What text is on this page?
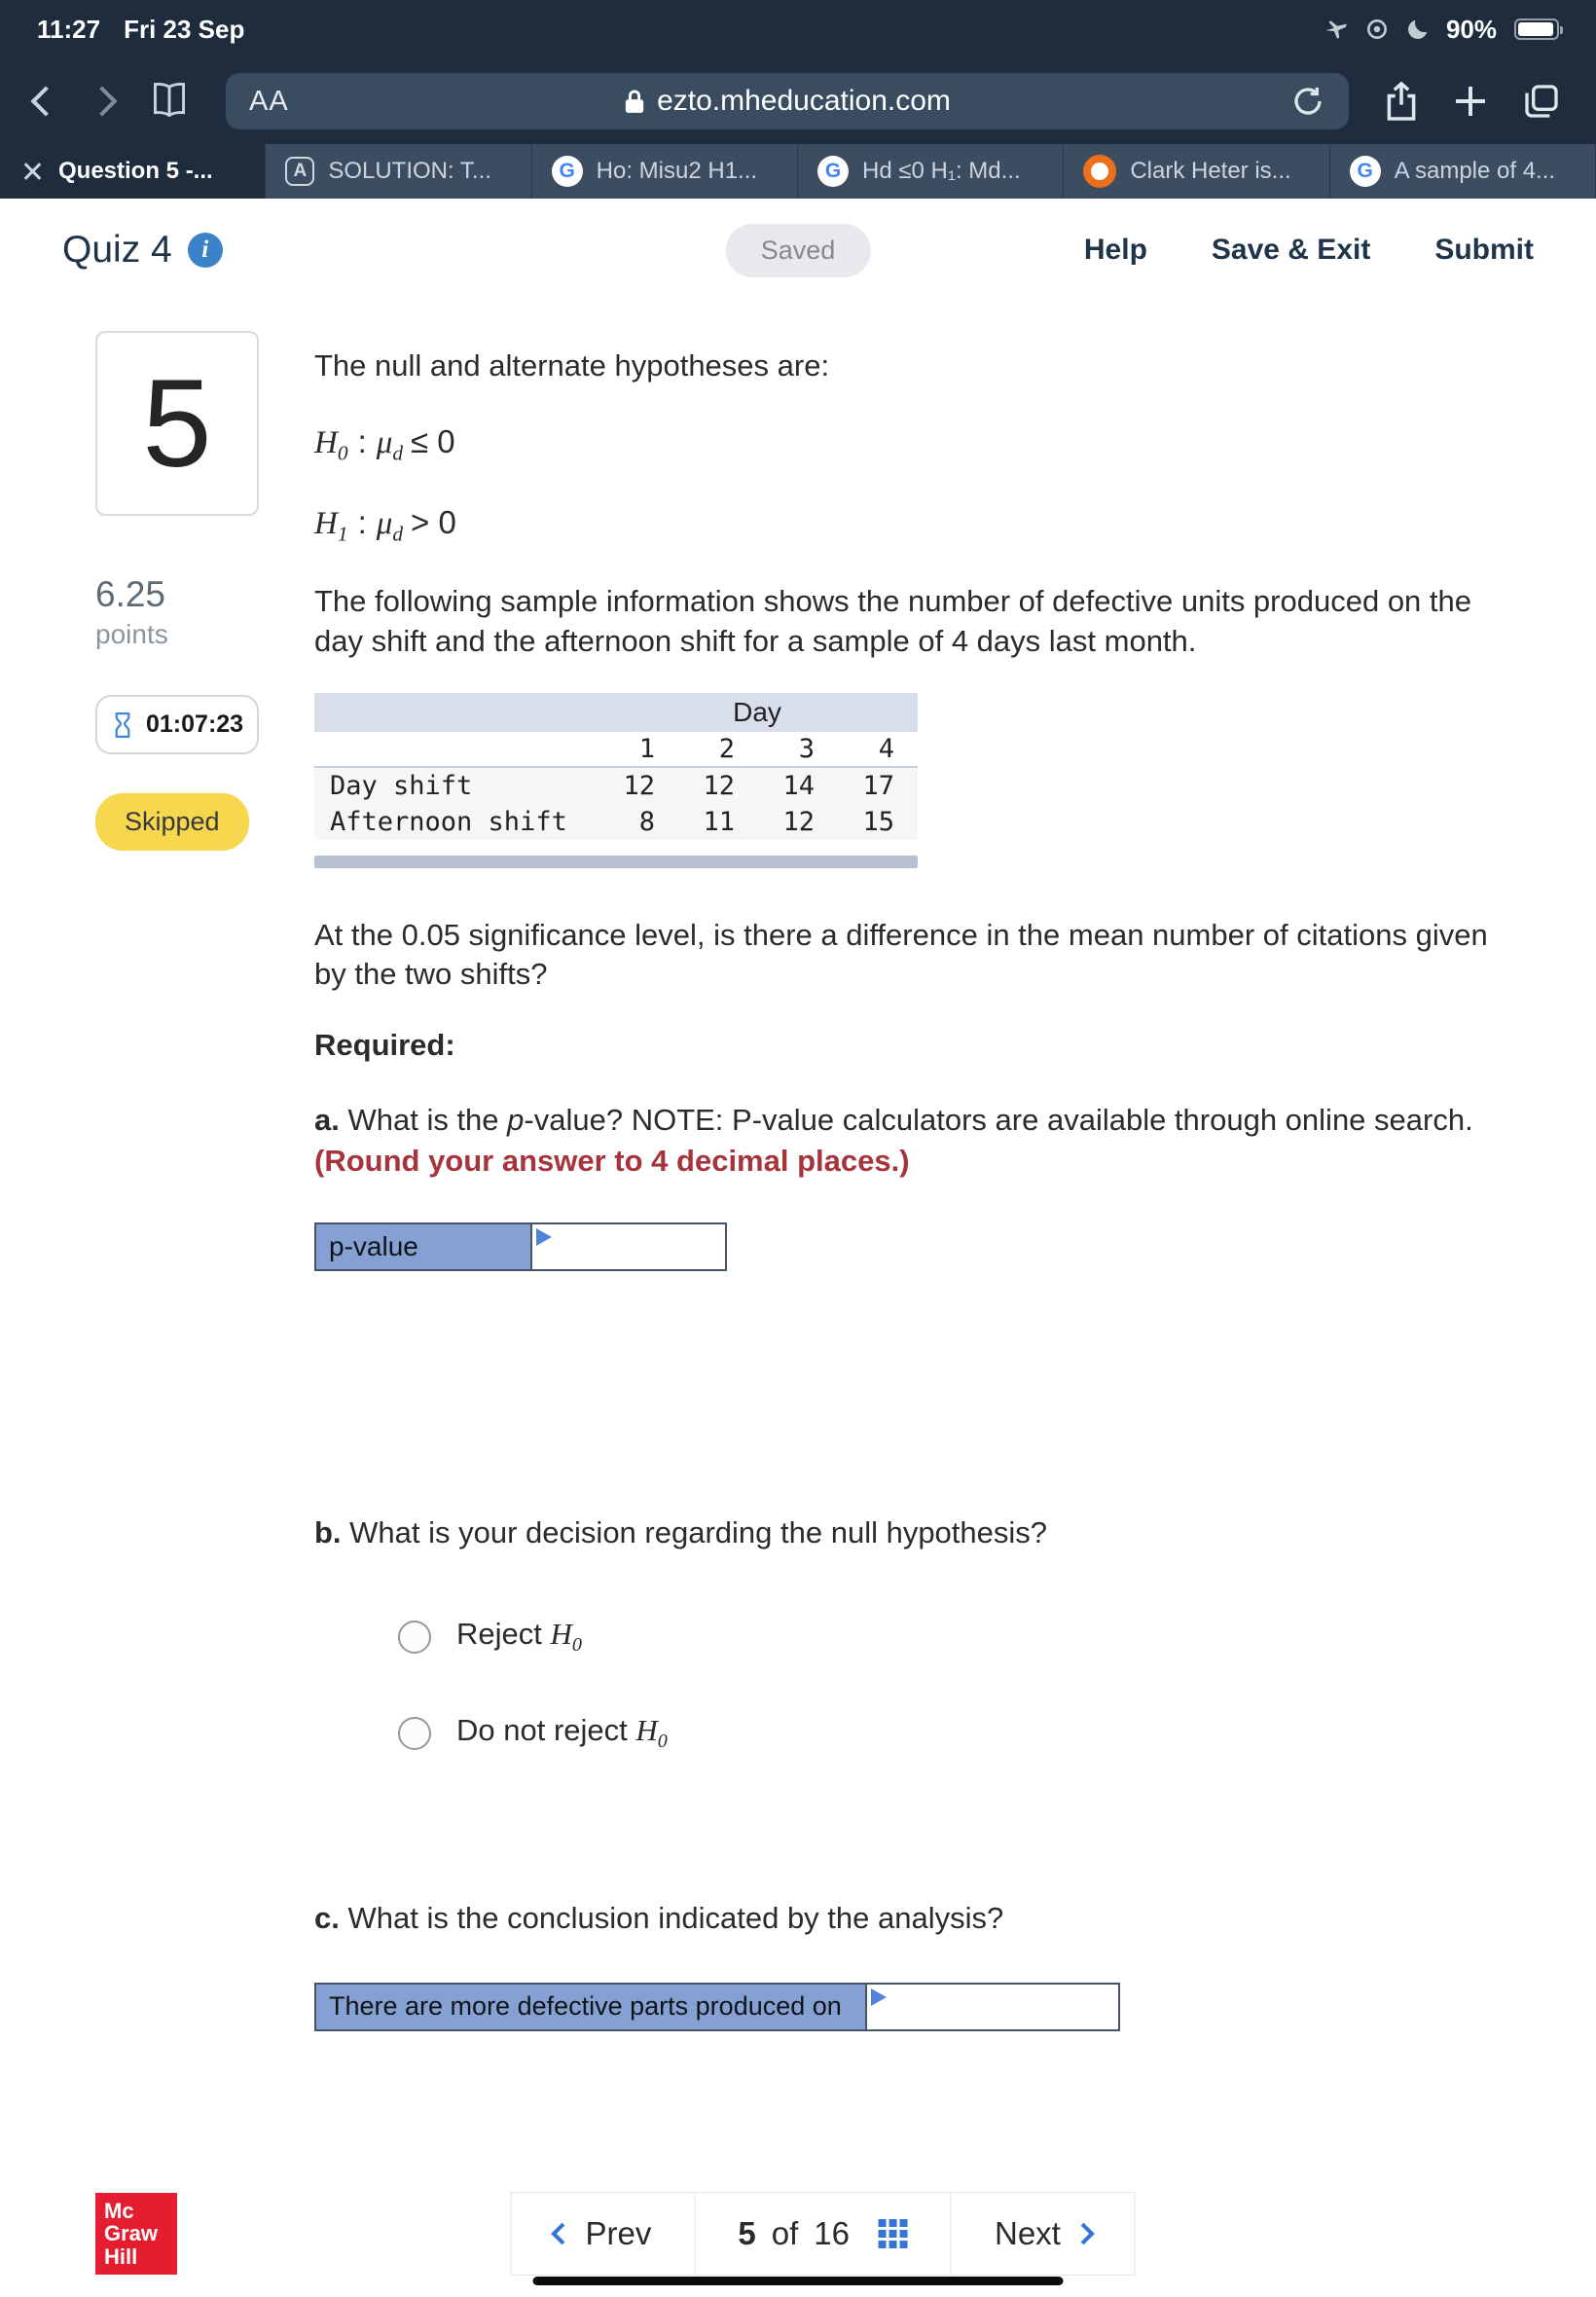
11:27 Fri 23 Sep	90%
AA	ezto.mheducation.com
Question 5 -...	A SOLUTION: T...	G Ho: Misu2 H1...	G Hd ≤0 H₁: Md...	Clark Heter is...	G A sample of 4...
Quiz 4	i	Saved	Help Save & Exit Submit
5
6.25
points
01:07:23
Skipped

The null and alternate hypotheses are:

$H_0$ : $\mu_d \le 0$
$H_1$ : $\mu_d > 0$

The following sample information shows the number of defective units produced on the day shift and the afternoon shift for a sample of 4 days last month.

Day
1	2	3	4
Day shift	12	12	14	17
Afternoon shift	8	11	12	15

At the 0.05 significance level, is there a difference in the mean number of citations given by the two shifts?

Required:

a. What is the p-value? NOTE: P-value calculators are available through online search.
(Round your answer to 4 decimal places.)

p-value

b. What is your decision regarding the null hypothesis?

Reject $H_0$
Do not reject $H_0$

c. What is the conclusion indicated by the analysis?

There are more defective parts produced on
Mc
Graw
Hill
Prev	5 of 16	Next
